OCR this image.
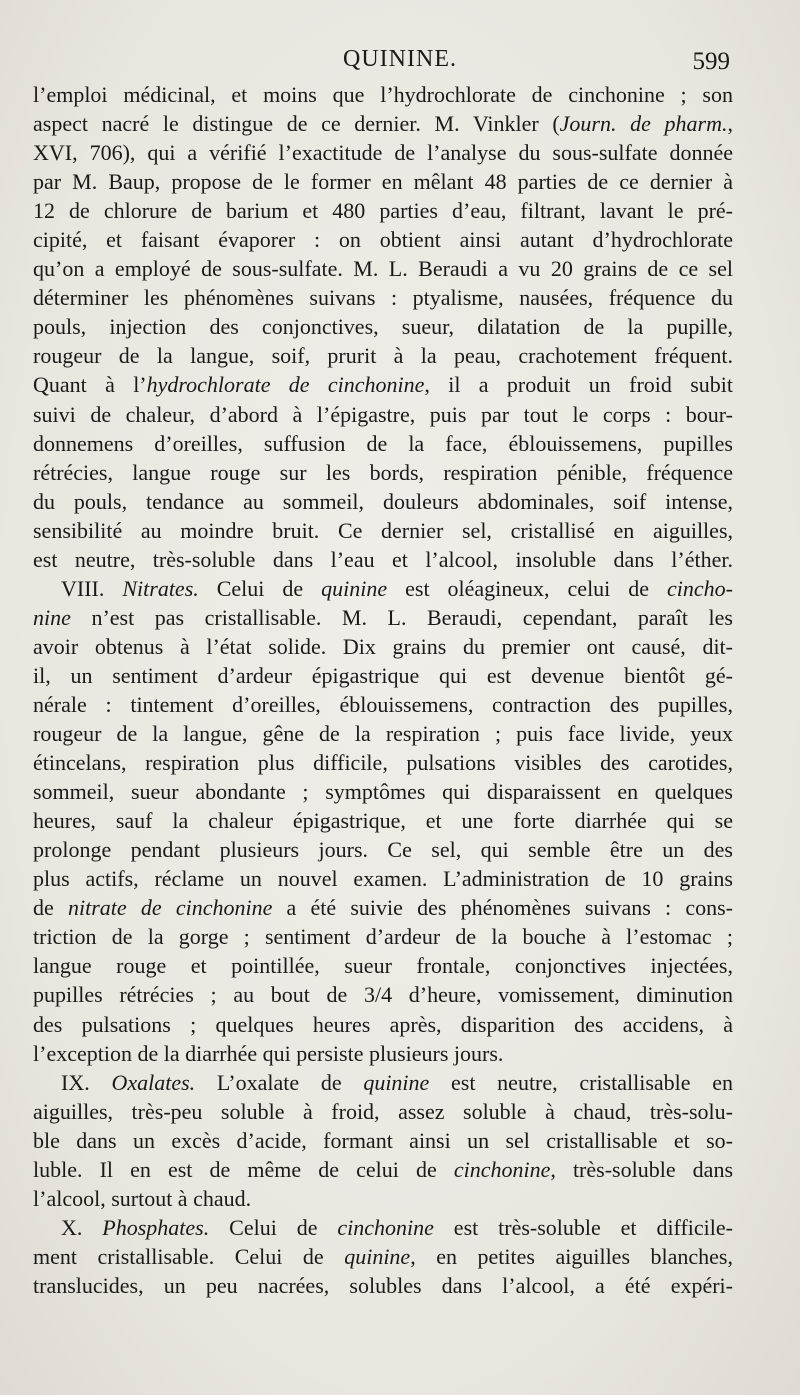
QUININE.	599
l’emploi médicinal, et moins que l’hydrochlorate de cinchonine ; son
aspect nacré le distingue de ce dernier. M. Vinkler (Journ. de pharm.,
XVI, 706), qui a vérifié l’exactitude de l’analyse du sous-sulfate donnée
par M. Baup, propose de le former en mêlant 48 parties de ce dernier à
12 de chlorure de barium et 480 parties d’eau, filtrant, lavant le pré-
cipité, et faisant évaporer : on obtient ainsi autant d’hydrochlorate
qu’on a employé de sous-sulfate. M. L. Beraudi a vu 20 grains de ce sel
déterminer les phénomènes suivans : ptyalisme, nausées, fréquence du
pouls, injection des conjonctives, sueur, dilatation de la pupille,
rougeur de la langue, soif, prurit à la peau, crachotement fréquent.
Quant à l’hydrochlorate de cinchonine, il a produit un froid subit
suivi de chaleur, d’abord à l’épigastre, puis par tout le corps : bour-
donnemens d’oreilles, suffusion de la face, éblouissemens, pupilles
rétrécies, langue rouge sur les bords, respiration pénible, fréquence
du pouls, tendance au sommeil, douleurs abdominales, soif intense,
sensibilité au moindre bruit. Ce dernier sel, cristallisé en aiguilles,
est neutre, très-soluble dans l’eau et l’alcool, insoluble dans l’éther.
VIII. Nitrates. Celui de quinine est oléagineux, celui de cincho-
nine n’est pas cristallisable. M. L. Beraudi, cependant, paraît les
avoir obtenus à l’état solide. Dix grains du premier ont causé, dit-
il, un sentiment d’ardeur épigastrique qui est devenue bientôt gé-
nérale : tintement d’oreilles, éblouissemens, contraction des pupilles,
rougeur de la langue, gêne de la respiration ; puis face livide, yeux
étincelans, respiration plus difficile, pulsations visibles des carotides,
sommeil, sueur abondante ; symptômes qui disparaissent en quelques
heures, sauf la chaleur épigastrique, et une forte diarrhée qui se
prolonge pendant plusieurs jours. Ce sel, qui semble être un des
plus actifs, réclame un nouvel examen. L’administration de 10 grains
de nitrate de cinchonine a été suivie des phénomènes suivans : cons-
triction de la gorge ; sentiment d’ardeur de la bouche à l’estomac ;
langue rouge et pointillée, sueur frontale, conjonctives injectées,
pupilles rétrécies ; au bout de 3/4 d’heure, vomissement, diminution
des pulsations ; quelques heures après, disparition des accidens, à
l’exception de la diarrhée qui persiste plusieurs jours.
IX. Oxalates. L’oxalate de quinine est neutre, cristallisable en
aiguilles, très-peu soluble à froid, assez soluble à chaud, très-solu-
ble dans un excès d’acide, formant ainsi un sel cristallisable et so-
luble. Il en est de même de celui de cinchonine, très-soluble dans
l’alcool, surtout à chaud.
X. Phosphates. Celui de cinchonine est très-soluble et difficile-
ment cristallisable. Celui de quinine, en petites aiguilles blanches,
translucides, un peu nacrées, solubles dans l’alcool, a été expéri-
